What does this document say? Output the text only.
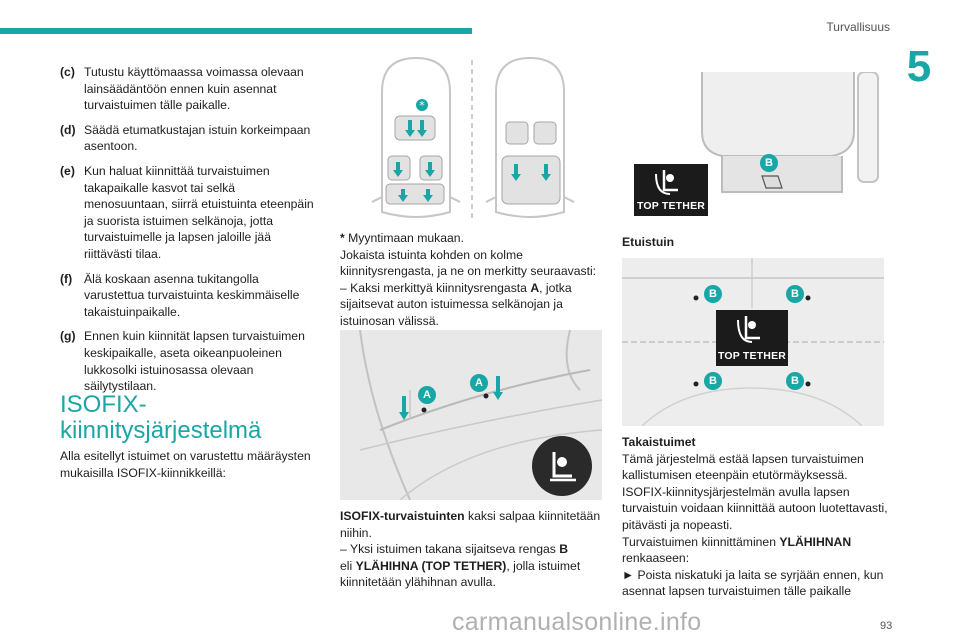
Turvallisuus
5
93
(c) Tutustu käyttömaassa voimassa olevaan lainsäädäntöön ennen kuin asennat turvaistuimen tälle paikalle.
(d) Säädä etumatkustajan istuin korkeimpaan asentoon.
(e) Kun haluat kiinnittää turvaistuimen takapaikalle kasvot tai selkä menosuuntaan, siirrä etuistuinta eteenpäin ja suorista istuimen selkänoja, jotta turvaistuimelle ja lapsen jaloille jää riittävästi tilaa.
(f) Älä koskaan asenna tukitangolla varustettua turvaistuinta keskimmäiselle takaistuinpaikalle.
(g) Ennen kuin kiinnität lapsen turvaistuimen keskipaikalle, aseta oikeanpuoleinen lukkosolki istuinosassa olevaan säilytystilaan.
ISOFIX-
kiinnitysjärjestelmä
Alla esitellyt istuimet on varustettu määräysten mukaisilla ISOFIX-kiinnikkeillä:
*
* Myyntimaan mukaan.
Jokaista istuinta kohden on kolme kiinnitysrengasta, ja ne on merkitty seuraavasti:
– Kaksi merkittyä kiinnitysrengasta A, jotka sijaitsevat auton istuimessa selkänojan ja istuinosan välissä.
A
A
ISOFIX-turvaistuinten kaksi salpaa kiinnitetään niihin.
– Yksi istuimen takana sijaitseva rengas B
eli YLÄHIHNA (TOP TETHER), jolla istuimet kiinnitetään ylähihnan avulla.
B
TOP TETHER
Etuistuin
B	B
B	B
TOP TETHER
Takaistuimet
Tämä järjestelmä estää lapsen turvaistuimen kallistumisen eteenpäin etutörmäyksessä.
ISOFIX-kiinnitysjärjestelmän avulla lapsen turvaistuin voidaan kiinnittää autoon luotettavasti, pitävästi ja nopeasti.
Turvaistuimen kiinnittäminen YLÄHIHNAN renkaaseen:
► Poista niskatuki ja laita se syrjään ennen, kun asennat lapsen turvaistuimen tälle paikalle
carmanualsonline.info
